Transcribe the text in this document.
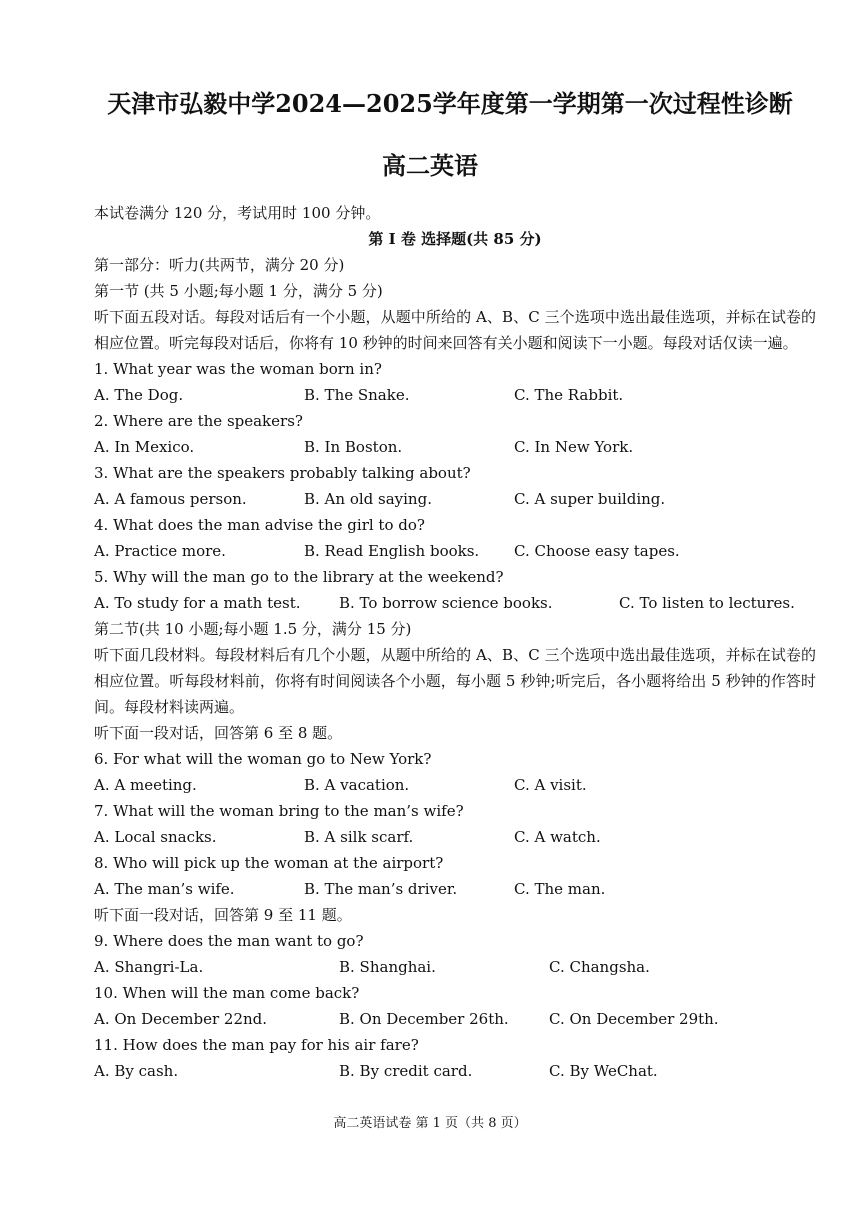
天津市弘毅中学2024—2025学年度第一学期第一次过程性诊断
高二英语
本试卷满分 120 分，考试用时 100 分钟。
第 I 卷 选择题(共 85 分)
第一部分：听力(共两节，满分 20 分)
第一节 (共 5 小题;每小题 1 分，满分 5 分)
听下面五段对话。每段对话后有一个小题，从题中所给的 A、B、C 三个选项中选出最佳选项，并标在试卷的相应位置。听完每段对话后，你将有 10 秒钟的时间来回答有关小题和阅读下一小题。每段对话仅读一遍。
1. What year was the woman born in?
A. The Dog.	B. The Snake.	C. The Rabbit.
2. Where are the speakers?
A. In Mexico.	B. In Boston.	C. In New York.
3. What are the speakers probably talking about?
A. A famous person.	B. An old saying.	C. A super building.
4. What does the man advise the girl to do?
A. Practice more.	B. Read English books. C. Choose easy tapes.
5. Why will the man go to the library at the weekend?
A. To study for a math test.	B. To borrow science books.	C. To listen to lectures.
第二节(共 10 小题;每小题 1.5 分，满分 15 分)
听下面几段材料。每段材料后有几个小题，从题中所给的 A、B、C 三个选项中选出最佳选项，并标在试卷的相应位置。听每段材料前，你将有时间阅读各个小题，每小题 5 秒钟;听完后，各小题将给出 5 秒钟的作答时间。每段材料读两遍。
听下面一段对话，回答第 6 至 8 题。
6. For what will the woman go to New York?
A. A meeting.	B. A vacation.	C. A visit.
7. What will the woman bring to the man’s wife?
A. Local snacks.	B. A silk scarf.	C. A watch.
8. Who will pick up the woman at the airport?
A. The man’s wife.	B. The man’s driver.	C. The man.
听下面一段对话，回答第 9 至 11 题。
9. Where does the man want to go?
A. Shangri-La.	B. Shanghai.	C. Changsha.
10. When will the man come back?
A. On December 22nd.	B. On December 26th.	C. On December 29th.
11. How does the man pay for his air fare?
A. By cash.	B. By credit card.	C. By WeChat.
高二英语试卷 第 1 页（共 8 页）
